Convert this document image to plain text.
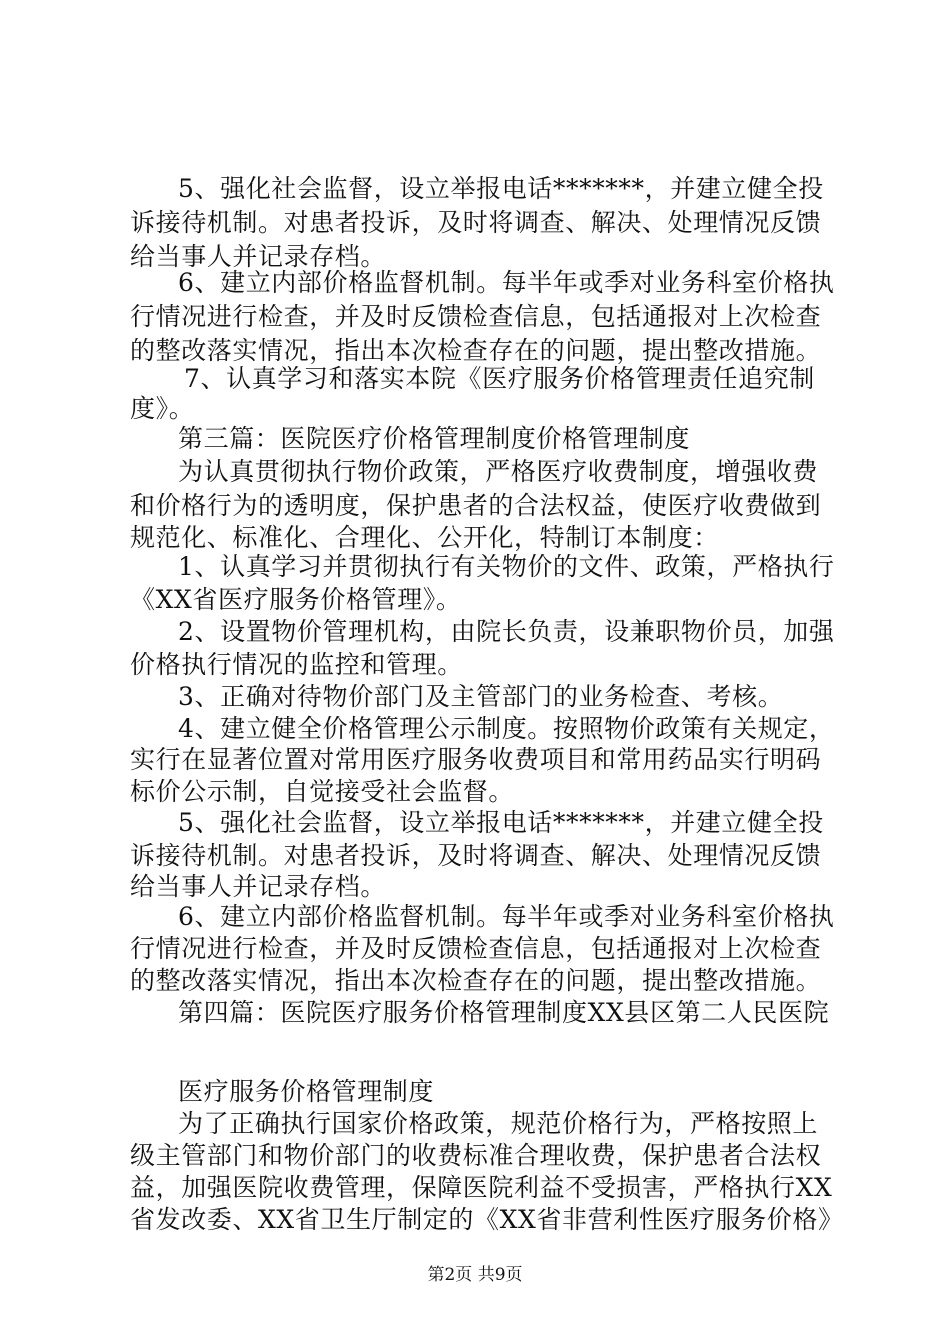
5、强化社会监督，设立举报电话*******，并建立健全投
诉接待机制。对患者投诉，及时将调查、解决、处理情况反馈
给当事人并记录存档。
6、建立内部价格监督机制。每半年或季对业务科室价格执
行情况进行检查，并及时反馈检查信息，包括通报对上次检查
的整改落实情况，指出本次检查存在的问题，提出整改措施。
7、认真学习和落实本院《医疗服务价格管理责任追究制
度》。
第三篇：医院医疗价格管理制度价格管理制度
为认真贯彻执行物价政策，严格医疗收费制度，增强收费
和价格行为的透明度，保护患者的合法权益，使医疗收费做到
规范化、标准化、合理化、公开化，特制订本制度：
1、认真学习并贯彻执行有关物价的文件、政策，严格执行
《XX省医疗服务价格管理》。
2、设置物价管理机构，由院长负责，设兼职物价员，加强
价格执行情况的监控和管理。
3、正确对待物价部门及主管部门的业务检查、考核。
4、建立健全价格管理公示制度。按照物价政策有关规定，
实行在显著位置对常用医疗服务收费项目和常用药品实行明码
标价公示制，自觉接受社会监督。
5、强化社会监督，设立举报电话*******，并建立健全投
诉接待机制。对患者投诉，及时将调查、解决、处理情况反馈
给当事人并记录存档。
6、建立内部价格监督机制。每半年或季对业务科室价格执
行情况进行检查，并及时反馈检查信息，包括通报对上次检查
的整改落实情况，指出本次检查存在的问题，提出整改措施。
第四篇：医院医疗服务价格管理制度XX县区第二人民医院
医疗服务价格管理制度
为了正确执行国家价格政策，规范价格行为，严格按照上
级主管部门和物价部门的收费标准合理收费，保护患者合法权
益，加强医院收费管理，保障医院利益不受损害，严格执行XX
省发改委、XX省卫生厅制定的《XX省非营利性医疗服务价格》
第2页 共9页
